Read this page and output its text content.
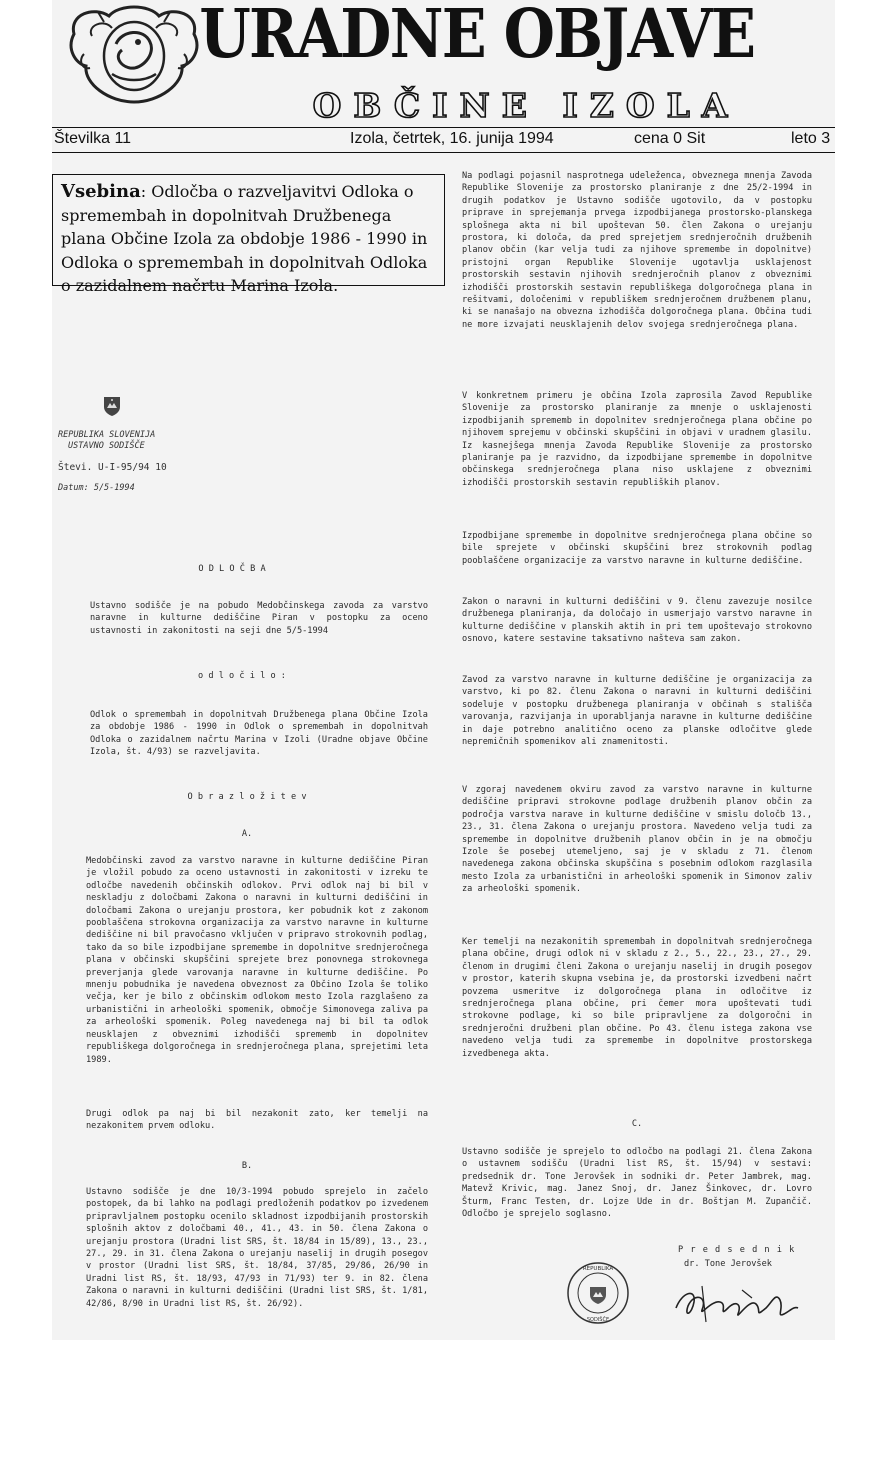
URADNE OBJAVE
OBČINE IZOLA
Številka 11	Izola, četrtek, 16. junija 1994	cena 0 Sit	leto 3
Vsebina: Odločba o razveljavitvi Odloka o spremembah in dopolnitvah Družbenega plana Občine Izola za obdobje 1986 - 1990 in Odloka o spremembah in dopolnitvah Odloka o zazidalnem načrtu Marina Izola.
REPUBLIKA SLOVENIJA
USTAVNO SODIŠČE
Števi. U-I-95/94 10
Datum: 5/5-1994
O D L O Č B A
Ustavno sodišče je na pobudo Medobčinskega zavoda za varstvo naravne in kulturne dediščine Piran v postopku za oceno ustavnosti in zakonitosti na seji dne 5/5-1994
o d l o č i l o :
Odlok o spremembah in dopolnitvah Družbenega plana Občine Izola za obdobje 1986 - 1990 in Odlok o spremembah in dopolnitvah Odloka o zazidalnem načrtu Marina v Izoli (Uradne objave Občine Izola, št. 4/93) se razveljavita.
O b r a z l o ž i t e v
A.
Medobčinski zavod za varstvo naravne in kulturne dediščine Piran je vložil pobudo za oceno ustavnosti in zakonitosti v izreku te odločbe navedenih občinskih odlokov. Prvi odlok naj bi bil v neskladju z določbami Zakona o naravni in kulturni dediščini in določbami Zakona o urejanju prostora, ker pobudnik kot z zakonom pooblaščena strokovna organizacija za varstvo naravne in kulturne dediščine ni bil pravočasno vključen v pripravo strokovnih podlag, tako da so bile izpodbijane spremembe in dopolnitve srednjeročnega plana v občinski skupščini sprejete brez ponovnega strokovnega preverjanja glede varovanja naravne in kulturne dediščine. Po mnenju pobudnika je navedena obveznost za Občino Izola še toliko večja, ker je bilo z občinskim odlokom mesto Izola razglašeno za urbanistični in arheološki spomenik, območje Simonovega zaliva pa za arheološki spomenik. Poleg navedenega naj bi bil ta odlok neusklajen z obveznimi izhodišči sprememb in dopolnitev republiškega dolgoročnega in srednjeročnega plana, sprejetimi leta 1989.
Drugi odlok pa naj bi bil nezakonit zato, ker temelji na nezakonitem prvem odloku.
B.
Ustavno sodišče je dne 10/3-1994 pobudo sprejelo in začelo postopek, da bi lahko na podlagi predloženih podatkov po izvedenem pripravljalnem postopku ocenilo skladnost izpodbijanih prostorskih splošnih aktov z določbami 40., 41., 43. in 50. člena Zakona o urejanju prostora (Uradni list SRS, št. 18/84 in 15/89), 13., 23., 27., 29. in 31. člena Zakona o urejanju naselij in drugih posegov v prostor (Uradni list SRS, št. 18/84, 37/85, 29/86, 26/90 in Uradni list RS, št. 18/93, 47/93 in 71/93) ter 9. in 82. člena Zakona o naravni in kulturni dediščini (Uradni list SRS, št. 1/81, 42/86, 8/90 in Uradni list RS, št. 26/92).
Na podlagi pojasnil nasprotnega udeleženca, obveznega mnenja Zavoda Republike Slovenije za prostorsko planiranje z dne 25/2-1994 in drugih podatkov je Ustavno sodišče ugotovilo, da v postopku priprave in sprejemanja prvega izpodbijanega prostorsko-planskega splošnega akta ni bil upoštevan 50. člen Zakona o urejanju prostora, ki določa, da pred sprejetjem srednjeročnih družbenih planov občin (kar velja tudi za njihove spremembe in dopolnitve) pristojni organ Republike Slovenije ugotavlja usklajenost prostorskih sestavin njihovih srednjeročnih planov z obveznimi izhodišči prostorskih sestavin republiškega dolgoročnega plana in rešitvami, določenimi v republiškem srednjeročnem družbenem planu, ki se nanašajo na obvezna izhodišča dolgoročnega plana. Občina tudi ne more izvajati neusklajenih delov svojega srednjeročnega plana.
V konkretnem primeru je občina Izola zaprosila Zavod Republike Slovenije za prostorsko planiranje za mnenje o usklajenosti izpodbijanih sprememb in dopolnitev srednjeročnega plana občine po njihovem sprejemu v občinski skupščini in objavi v uradnem glasilu. Iz kasnejšega mnenja Zavoda Republike Slovenije za prostorsko planiranje pa je razvidno, da izpodbijane spremembe in dopolnitve občinskega srednjeročnega plana niso usklajene z obveznimi izhodišči prostorskih sestavin republiških planov.
Izpodbijane spremembe in dopolnitve srednjeročnega plana občine so bile sprejete v občinski skupščini brez strokovnih podlag pooblaščene organizacije za varstvo naravne in kulturne dediščine.
Zakon o naravni in kulturni dediščini v 9. členu zavezuje nosilce družbenega planiranja, da določajo in usmerjajo varstvo naravne in kulturne dediščine v planskih aktih in pri tem upoštevajo strokovno osnovo, katere sestavine taksativno našteva sam zakon.
Zavod za varstvo naravne in kulturne dediščine je organizacija za varstvo, ki po 82. členu Zakona o naravni in kulturni dediščini sodeluje v postopku družbenega planiranja v občinah s stališča varovanja, razvijanja in uporabljanja naravne in kulturne dediščine in daje potrebno analitično oceno za planske odločitve glede nepremičnih spomenikov ali znamenitosti.
V zgoraj navedenem okviru zavod za varstvo naravne in kulturne dediščine pripravi strokovne podlage družbenih planov občin za področja varstva narave in kulturne dediščine v smislu določb 13., 23., 31. člena Zakona o urejanju prostora. Navedeno velja tudi za spremembe in dopolnitve družbenih planov občin in je na območju Izole še posebej utemeljeno, saj je v skladu z 71. členom navedenega zakona občinska skupščina s posebnim odlokom razglasila mesto Izola za urbanistični in arheološki spomenik in Simonov zaliv za arheološki spomenik.
Ker temelji na nezakonitih spremembah in dopolnitvah srednjeročnega plana občine, drugi odlok ni v skladu z 2., 5., 22., 23., 27., 29. členom in drugimi členi Zakona o urejanju naselij in drugih posegov v prostor, katerih skupna vsebina je, da prostorski izvedbeni načrt povzema usmeritve iz dolgoročnega plana in odločitve iz srednjeročnega plana občine, pri čemer mora upoštevati tudi strokovne podlage, ki so bile pripravljene za dolgoročni in srednjeročni družbeni plan občine. Po 43. členu istega zakona vse navedeno velja tudi za spremembe in dopolnitve prostorskega izvedbenega akta.
C.
Ustavno sodišče je sprejelo to odločbo na podlagi 21. člena Zakona o ustavnem sodišču (Uradni list RS, št. 15/94) v sestavi: predsednik dr. Tone Jerovšek in sodniki dr. Peter Jambrek, mag. Matevž Krivic, mag. Janez Snoj, dr. Janez Šinkovec, dr. Lovro Šturm, Franc Testen, dr. Lojze Ude in dr. Boštjan M. Zupančič. Odločbo je sprejelo soglasno.
P r e d s e d n i k
dr. Tone Jerovšek
REPUBLIKA
SODIŠČE
